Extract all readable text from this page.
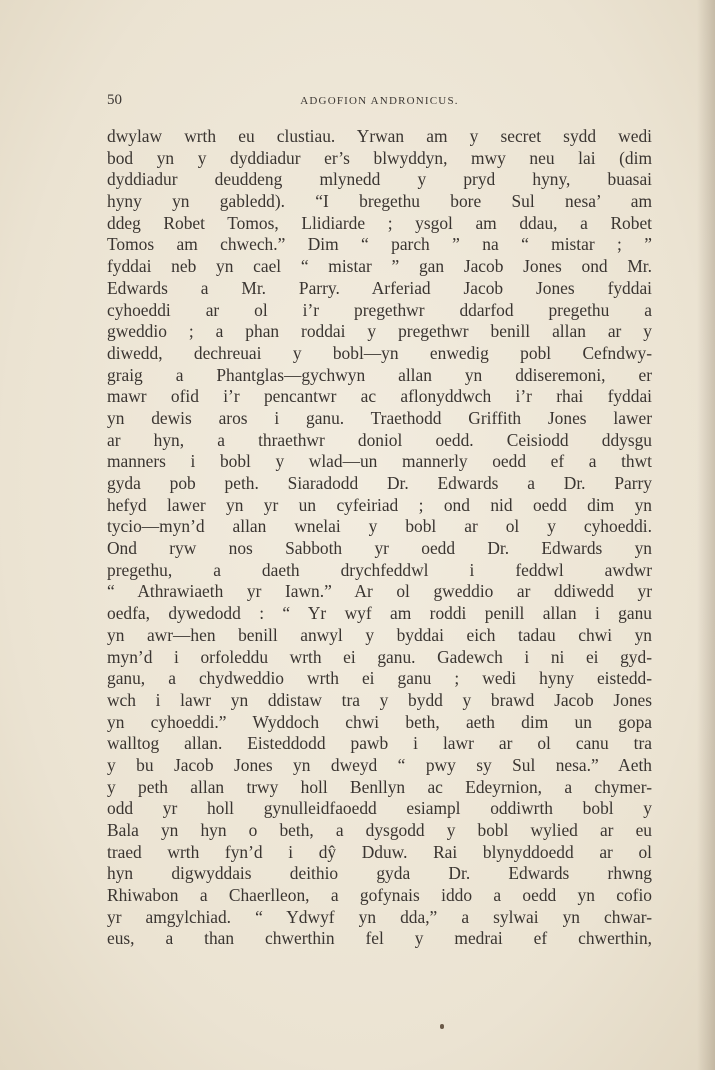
50	ADGOFION ANDRONICUS.
dwylaw wrth eu clustiau. Yrwan am y secret sydd wedi
bod yn y dyddiadur er’s blwyddyn, mwy neu lai (dim
dyddiadur deuddeng mlynedd y pryd hyny, buasai
hyny yn gabledd). “I bregethu bore Sul nesa’ am
ddeg Robet Tomos, Llidiarde ; ysgol am ddau, a Robet
Tomos am chwech.” Dim “ parch ” na “ mistar ; ”
fyddai neb yn cael “ mistar ” gan Jacob Jones ond Mr.
Edwards a Mr. Parry. Arferiad Jacob Jones fyddai
cyhoeddi ar ol i’r pregethwr ddarfod pregethu a
gweddio ; a phan roddai y pregethwr benill allan ar y
diwedd, dechreuai y bobl—yn enwedig pobl Cefndwy-
graig a Phantglas—gychwyn allan yn ddiseremoni, er
mawr ofid i’r pencantwr ac aflonyddwch i’r rhai fyddai
yn dewis aros i ganu. Traethodd Griffith Jones lawer
ar hyn, a thraethwr doniol oedd. Ceisiodd ddysgu
manners i bobl y wlad—un mannerly oedd ef a thwt
gyda pob peth. Siaradodd Dr. Edwards a Dr. Parry
hefyd lawer yn yr un cyfeiriad ; ond nid oedd dim yn
tycio—myn’d allan wnelai y bobl ar ol y cyhoeddi.
Ond ryw nos Sabboth yr oedd Dr. Edwards yn
pregethu, a daeth drychfeddwl i feddwl awdwr
“ Athrawiaeth yr Iawn.” Ar ol gweddio ar ddiwedd yr
oedfa, dywedodd : “ Yr wyf am roddi penill allan i ganu
yn awr—hen benill anwyl y byddai eich tadau chwi yn
myn’d i orfoleddu wrth ei ganu. Gadewch i ni ei gyd-
ganu, a chydweddio wrth ei ganu ; wedi hyny eistedd-
wch i lawr yn ddistaw tra y bydd y brawd Jacob Jones
yn cyhoeddi.” Wyddoch chwi beth, aeth dim un gopa
walltog allan. Eisteddodd pawb i lawr ar ol canu tra
y bu Jacob Jones yn dweyd “ pwy sy Sul nesa.” Aeth
y peth allan trwy holl Benllyn ac Edeyrnion, a chymer-
odd yr holl gynulleidfaoedd esiampl oddiwrth bobl y
Bala yn hyn o beth, a dysgodd y bobl wylied ar eu
traed wrth fyn’d i dŷ Dduw. Rai blynyddoedd ar ol
hyn digwyddais deithio gyda Dr. Edwards rhwng
Rhiwabon a Chaerlleon, a gofynais iddo a oedd yn cofio
yr amgylchiad. “ Ydwyf yn dda,” a sylwai yn chwar-
eus, a than chwerthin fel y medrai ef chwerthin,
